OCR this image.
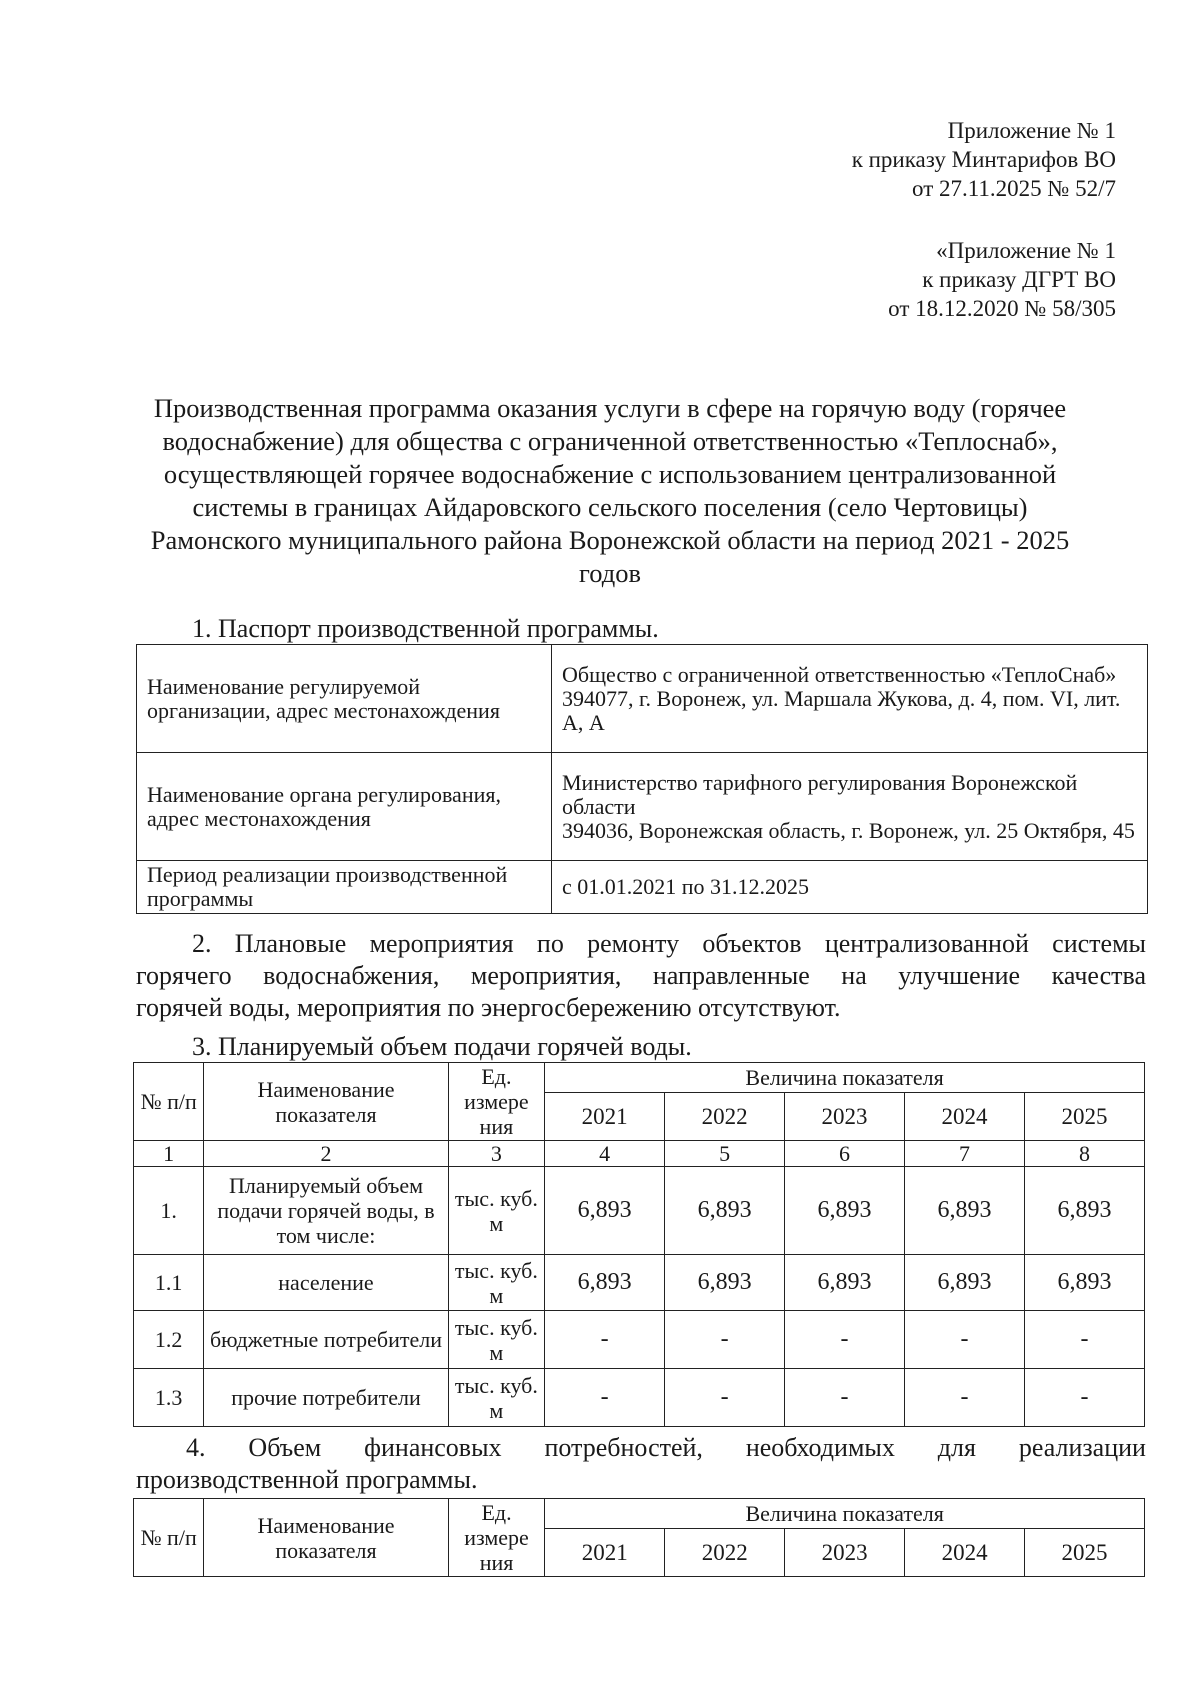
Приложение № 1
к приказу Минтарифов ВО
от 27.11.2025 № 52/7
«Приложение № 1
к приказу ДГРТ ВО
от 18.12.2020 № 58/305
Производственная программа оказания услуги в сфере на горячую воду (горячее
водоснабжение) для общества с ограниченной ответственностью «Теплоснаб»,
осуществляющей горячее водоснабжение с использованием централизованной
системы в границах Айдаровского сельского поселения (село Чертовицы)
Рамонского муниципального района Воронежской области на период 2021 - 2025
годов
1. Паспорт производственной программы.
Наименование регулируемой организации, адрес местонахождения	Общество с ограниченной ответственностью «ТеплоСнаб»
394077, г. Воронеж, ул. Маршала Жукова, д. 4, пом. VI, лит. А, А

Наименование органа регулирования, адрес местонахождения	Министерство тарифного регулирования Воронежской области
394036, Воронежская область, г. Воронеж, ул. 25 Октября, 45

Период реализации производственной программы	с 01.01.2021 по 31.12.2025
2. Плановые мероприятия по ремонту объектов централизованной системы
горячего водоснабжения, мероприятия, направленные на улучшение качества
горячей воды, мероприятия по энергосбережению отсутствуют.
3. Планируемый объем подачи горячей воды.
№ п/п	Наименование показателя	Ед. измере ния	Величина показателя				
			2021	2022	2023	2024	2025
1	2	3	4	5	6	7	8
1.	Планируемый объем подачи горячей воды, в том числе:	тыс. куб. м	6,893	6,893	6,893	6,893	6,893
1.1	население	тыс. куб. м	6,893	6,893	6,893	6,893	6,893
1.2	бюджетные потребители	тыс. куб. м	-	-	-	-	-
1.3	прочие потребители	тыс. куб. м	-	-	-	-	-
4. Объем финансовых потребностей, необходимых для реализации
производственной программы.
№ п/п	Наименование показателя	Ед. измере ния	Величина показателя				
			2021	2022	2023	2024	2025
